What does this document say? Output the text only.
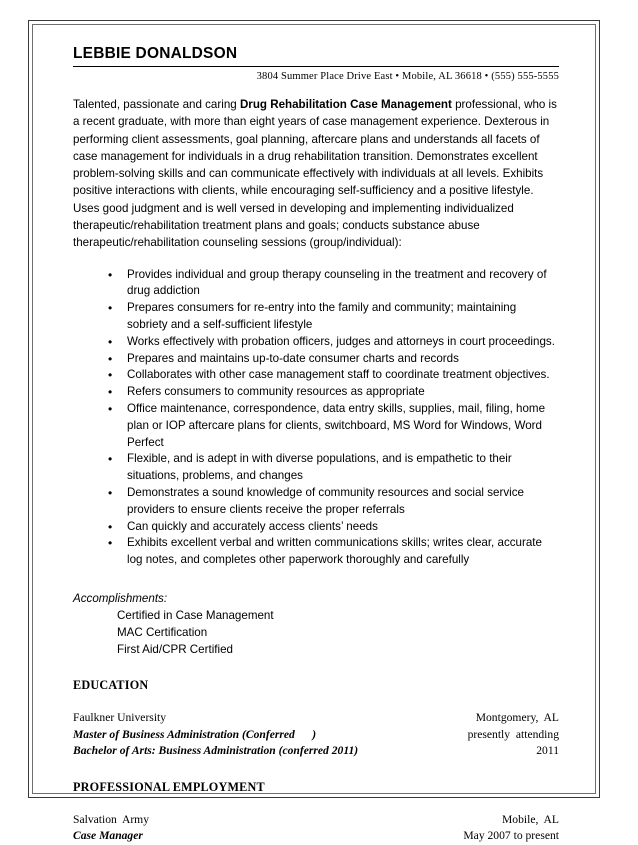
LEBBIE DONALDSON
3804 Summer Place Drive East • Mobile, AL 36618 • (555) 555-5555

Talented, passionate and caring Drug Rehabilitation Case Management professional, who is a recent graduate, with more than eight years of case management experience. Dexterous in performing client assessments, goal planning, aftercare plans and understands all facets of case management for individuals in a drug rehabilitation transition. Demonstrates excellent problem-solving skills and can communicate effectively with individuals at all levels. Exhibits positive interactions with clients, while encouraging self-sufficiency and a positive lifestyle. Uses good judgment and is well versed in developing and implementing individualized therapeutic/rehabilitation treatment plans and goals; conducts substance abuse therapeutic/rehabilitation counseling sessions (group/individual):

• Provides individual and group therapy counseling in the treatment and recovery of drug addiction
• Prepares consumers for re-entry into the family and community; maintaining sobriety and a self-sufficient lifestyle
• Works effectively with probation officers, judges and attorneys in court proceedings.
• Prepares and maintains up-to-date consumer charts and records
• Collaborates with other case management staff to coordinate treatment objectives.
• Refers consumers to community resources as appropriate
• Office maintenance, correspondence, data entry skills, supplies, mail, filing, home plan or IOP aftercare plans for clients, switchboard, MS Word for Windows, Word Perfect
• Flexible, and is adept in with diverse populations, and is empathetic to their situations, problems, and changes
• Demonstrates a sound knowledge of community resources and social service providers to ensure clients receive the proper referrals
• Can quickly and accurately access clients’ needs
• Exhibits excellent verbal and written communications skills; writes clear, accurate log notes, and completes other paperwork thoroughly and carefully
Accomplishments:
Certified in Case Management
MAC Certification
First Aid/CPR Certified
EDUCATION
Faulkner University	Montgomery,  AL
Master of Business Administration (Conferred      )	presently  attending
Bachelor of Arts: Business Administration (conferred 2011)	2011
PROFESSIONAL EMPLOYMENT
Salvation  Army	Mobile,  AL
Case Manager	May 2007 to present
